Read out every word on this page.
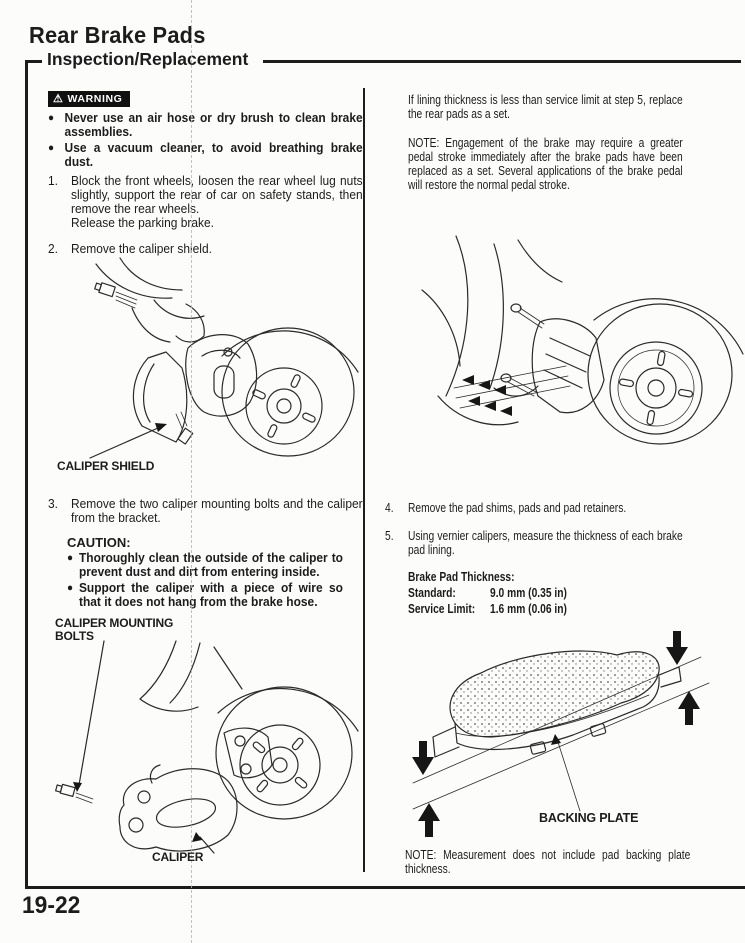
Rear Brake Pads
Inspection/Replacement
⚠ WARNING
● Never use an air hose or dry brush to clean brake assemblies.
● Use a vacuum cleaner, to avoid breathing brake dust.
1.	Block the front wheels, loosen the rear wheel lug nuts slightly, support the rear of car on safety stands, then remove the rear wheels.
Release the parking brake.
2.	Remove the caliper shield.
CALIPER SHIELD
3.	Remove the two caliper mounting bolts and the caliper from the bracket.
CAUTION:
● Thoroughly clean the outside of the caliper to prevent dust and dirt from entering inside.
● Support the caliper with a piece of wire so that it does not hang from the brake hose.
CALIPER MOUNTING BOLTS
CALIPER
19-22
If lining thickness is less than service limit at step 5, replace the rear pads as a set.
NOTE: Engagement of the brake may require a greater pedal stroke immediately after the brake pads have been replaced as a set. Several applications of the brake pedal will restore the normal pedal stroke.
4.	Remove the pad shims, pads and pad retainers.
5.	Using vernier calipers, measure the thickness of each brake pad lining.
Brake Pad Thickness:
Standard:	9.0 mm (0.35 in)
Service Limit:	1.6 mm (0.06 in)
BACKING PLATE
NOTE: Measurement does not include pad backing plate thickness.
